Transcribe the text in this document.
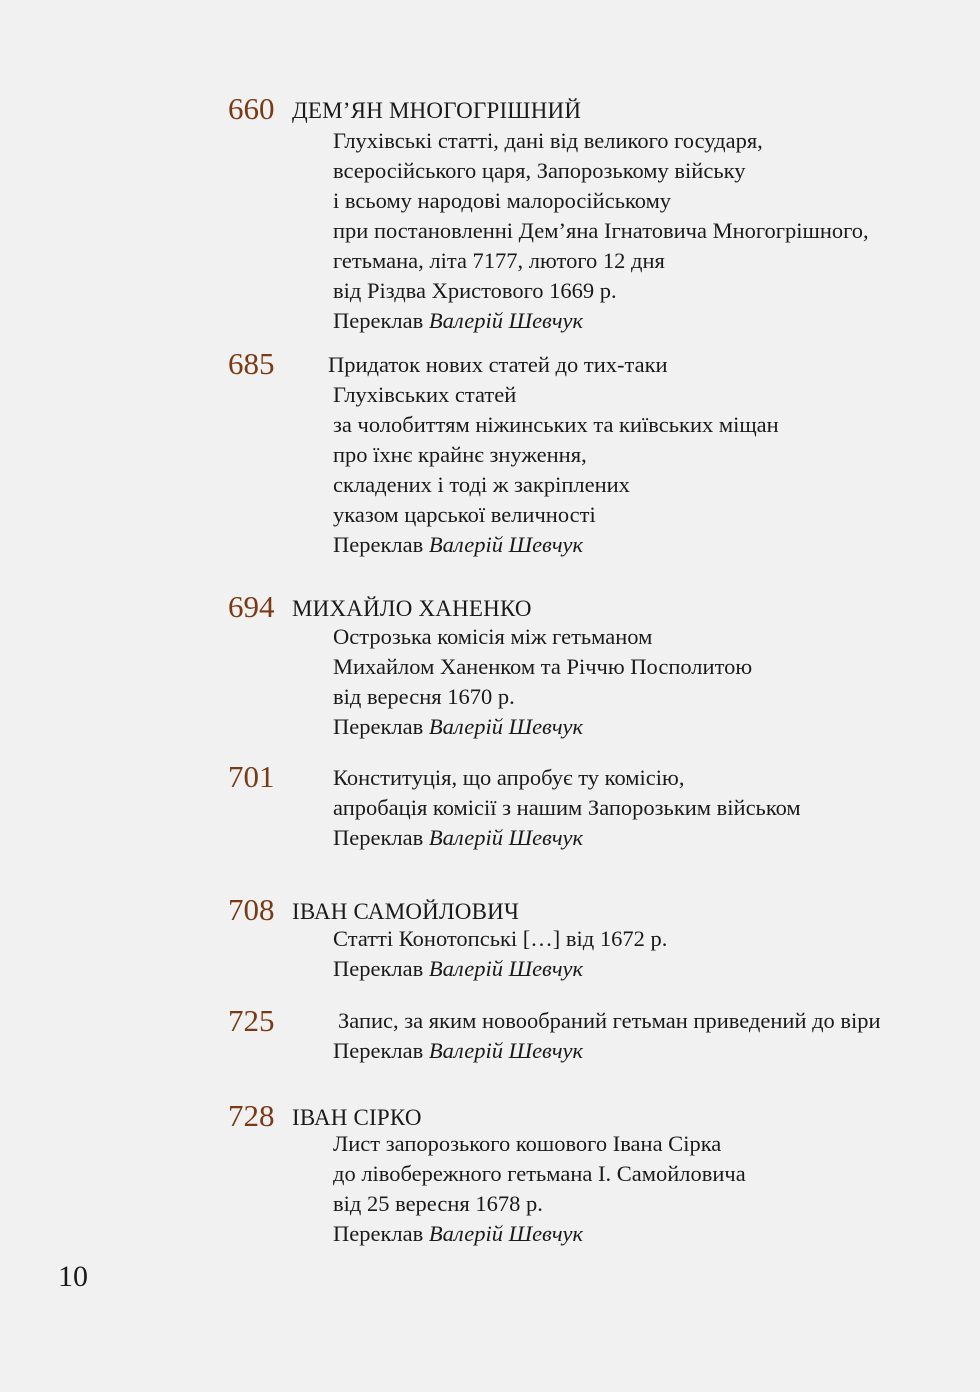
660 ДЕМ’ЯН МНОГОГРІШНИЙ
Глухівські статті, дані від великого государя,
всеросійського царя, Запорозькому війську
і всьому народові малоросійському
при постановленні Дем’яна Ігнатовича Многогрішного,
гетьмана, літа 7177, лютого 12 дня
від Різдва Христового 1669 р.
Переклав Валерій Шевчук
685 Придаток нових статей до тих-таки
Глухівських статей
за чолобиттям ніжинських та київських міщан
про їхнє крайнє знуження,
складених і тоді ж закріплених
указом царської величності
Переклав Валерій Шевчук
694 МИХАЙЛО ХАНЕНКО
Острозька комісія між гетьманом
Михайлом Ханенком та Річчю Посполитою
від вересня 1670 р.
Переклав Валерій Шевчук
701	Конституція, що апробує ту комісію,
апробація комісії з нашим Запорозьким військом
Переклав Валерій Шевчук
708 ІВАН САМОЙЛОВИЧ
Статті Конотопські […] від 1672 р.
Переклав Валерій Шевчук
725	Запис, за яким новообраний гетьман приведений до віри
Переклав Валерій Шевчук
728 ІВАН СІРКО
Лист запорозького кошового Івана Сірка
до лівобережного гетьмана І. Самойловича
від 25 вересня 1678 р.
Переклав Валерій Шевчук
10
